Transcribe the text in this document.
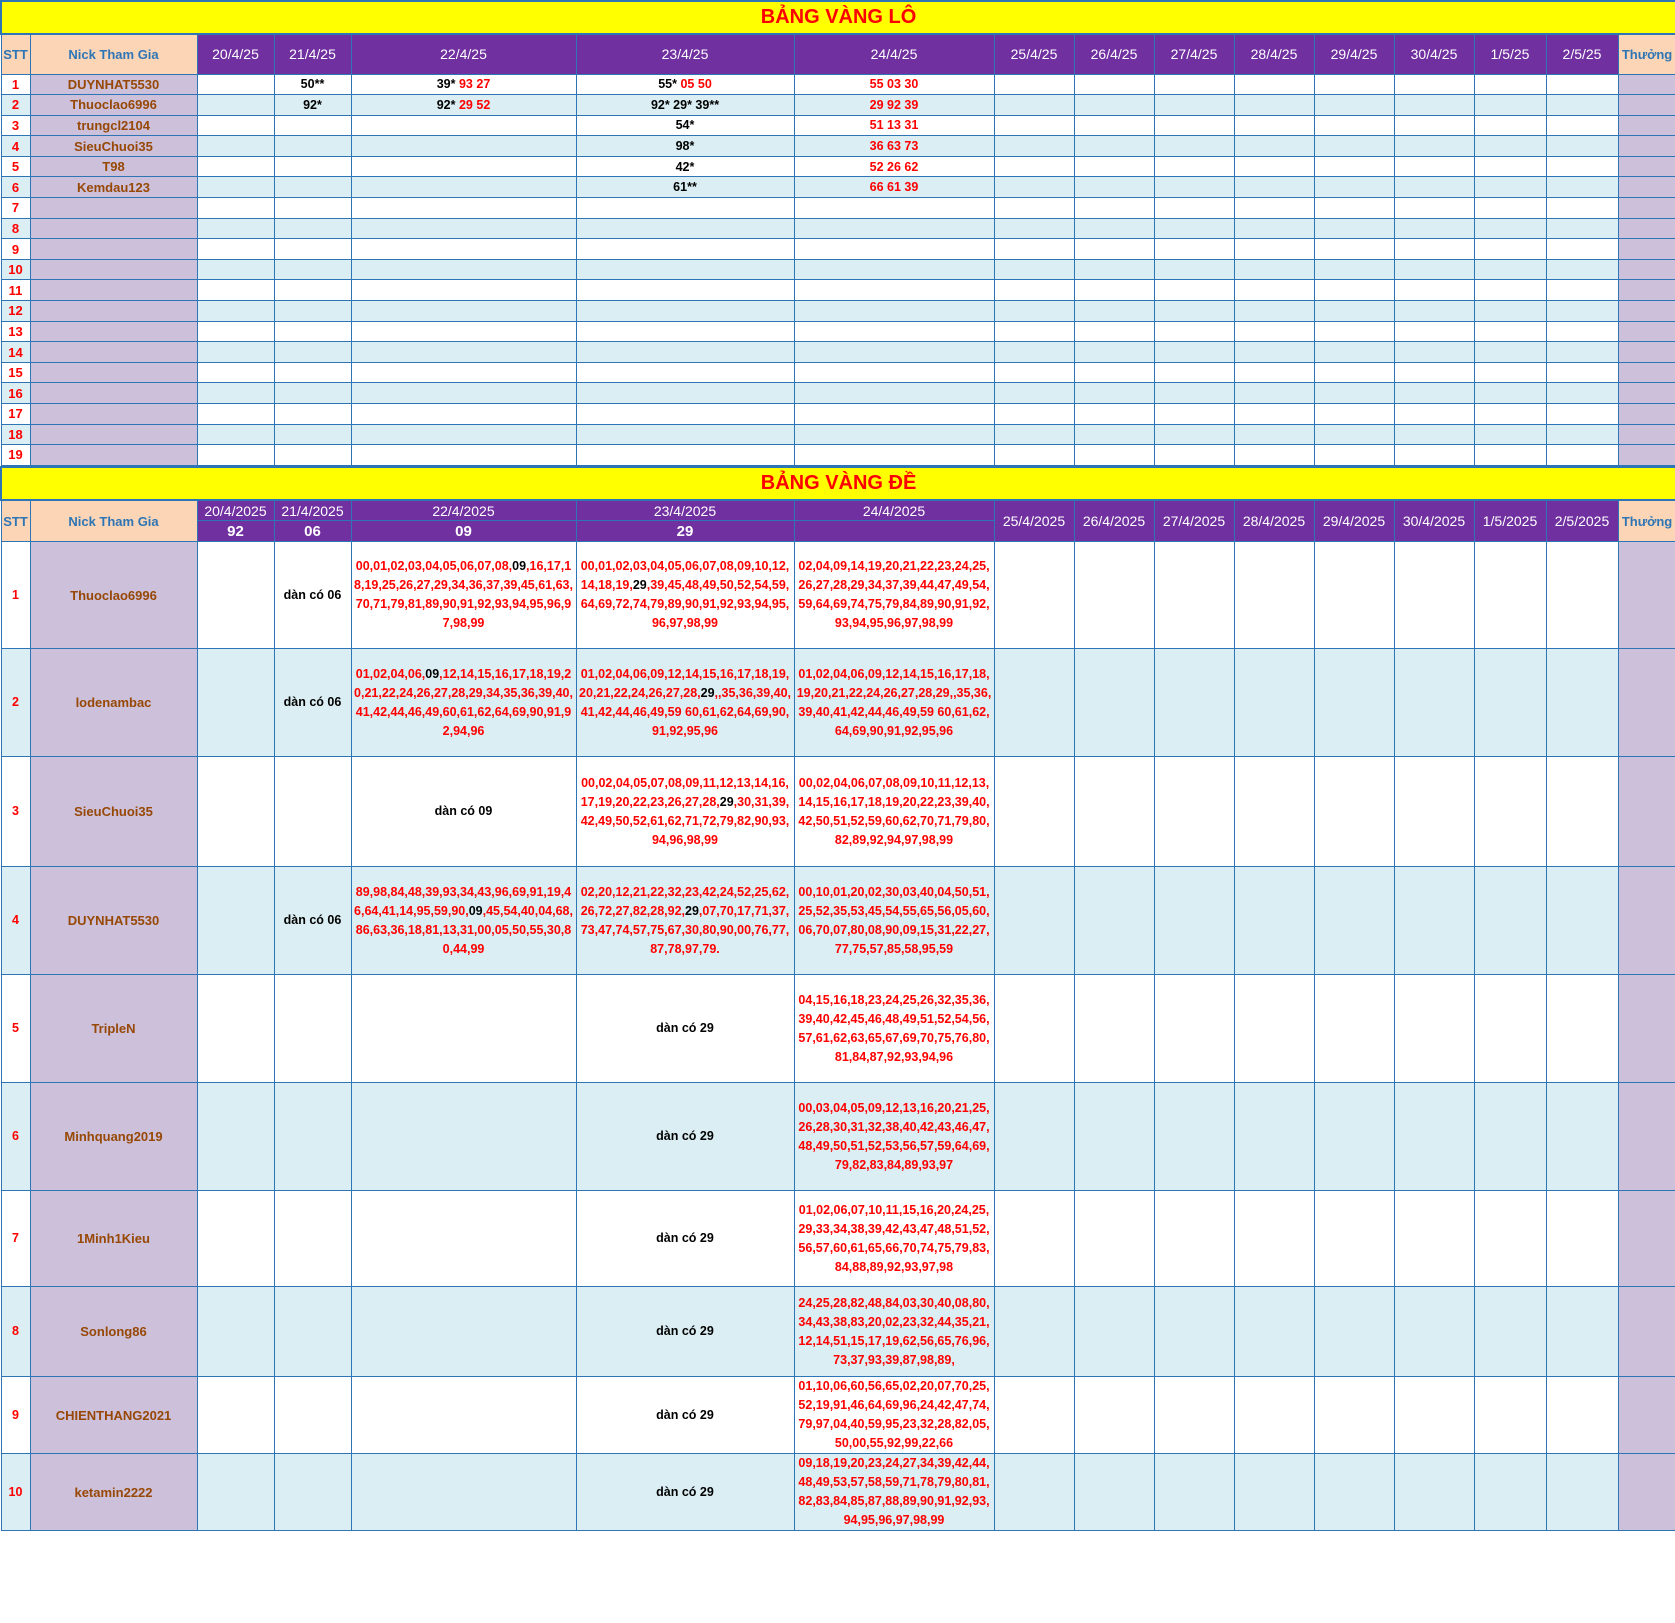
BẢNG VÀNG LÔ															
STT	Nick Tham Gia	20/4/25	21/4/25	22/4/25	23/4/25	24/4/25	25/4/25	26/4/25	27/4/25	28/4/25	29/4/25	30/4/25	1/5/25	2/5/25	Thưởng
1	DUYNHAT5530		50**	39* 93 27	55* 05 50	55 03 30									
2	Thuoclao6996		92*	92* 29 52	92* 29* 39**	29 92 39									
3	trungcl2104				54*	51 13 31									
4	SieuChuoi35				98*	36 63 73									
5	T98				42*	52 26 62									
6	Kemdau123				61**	66 61 39									
7															
8															
9															
10															
11															
12															
13															
14															
15															
16															
17															
18															
19															
BẢNG VÀNG ĐỀ															
STT	Nick Tham Gia	20/4/2025	21/4/2025	22/4/2025	23/4/2025	24/4/2025	25/4/2025	26/4/2025	27/4/2025	28/4/2025	29/4/2025	30/4/2025	1/5/2025	2/5/2025	Thưởng
		92	06	09	29										
1	Thuoclao6996		dàn có 06	00,01,02,03,04,05,06,07,08,09,16,17,18,19,25,26,27,29,34,36,37,39,45,61,63,70,71,79,81,89,90,91,92,93,94,95,96,97,98,99	00,01,02,03,04,05,06,07,08,09,10,12,14,18,19,29,39,45,48,49,50,52,54,59,64,69,72,74,79,89,90,91,92,93,94,95,96,97,98,99	02,04,09,14,19,20,21,22,23,24,25,26,27,28,29,34,37,39,44,47,49,54,59,64,69,74,75,79,84,89,90,91,92,93,94,95,96,97,98,99									
2	lodenambac		dàn có 06	01,02,04,06,09,12,14,15,16,17,18,19,20,21,22,24,26,27,28,29,34,35,36,39,40,41,42,44,46,49,60,61,62,64,69,90,91,92,94,96	01,02,04,06,09,12,14,15,16,17,18,19,20,21,22,24,26,27,28,29,,35,36,39,40,41,42,44,46,49,59 60,61,62,64,69,90,91,92,95,96	01,02,04,06,09,12,14,15,16,17,18,19,20,21,22,24,26,27,28,29,,35,36,39,40,41,42,44,46,49,59 60,61,62,64,69,90,91,92,95,96									
3	SieuChuoi35			dàn có 09	00,02,04,05,07,08,09,11,12,13,14,16,17,19,20,22,23,26,27,28,29,30,31,39,42,49,50,52,61,62,71,72,79,82,90,93,94,96,98,99	00,02,04,06,07,08,09,10,11,12,13,14,15,16,17,18,19,20,22,23,39,40,42,50,51,52,59,60,62,70,71,79,80,82,89,92,94,97,98,99									
4	DUYNHAT5530		dàn có 06	89,98,84,48,39,93,34,43,96,69,91,19,46,64,41,14,95,59,90,09,45,54,40,04,68,86,63,36,18,81,13,31,00,05,50,55,30,80,44,99	02,20,12,21,22,32,23,42,24,52,25,62,26,72,27,82,28,92,29,07,70,17,71,37,73,47,74,57,75,67,30,80,90,00,76,77,87,78,97,79.	00,10,01,20,02,30,03,40,04,50,51,25,52,35,53,45,54,55,65,56,05,60,06,70,07,80,08,90,09,15,31,22,27,77,75,57,85,58,95,59									
5	TripleN				dàn có 29	04,15,16,18,23,24,25,26,32,35,36,39,40,42,45,46,48,49,51,52,54,56,57,61,62,63,65,67,69,70,75,76,80,81,84,87,92,93,94,96									
6	Minhquang2019				dàn có 29	00,03,04,05,09,12,13,16,20,21,25,26,28,30,31,32,38,40,42,43,46,47,48,49,50,51,52,53,56,57,59,64,69,79,82,83,84,89,93,97									
7	1Minh1Kieu				dàn có 29	01,02,06,07,10,11,15,16,20,24,25,29,33,34,38,39,42,43,47,48,51,52,56,57,60,61,65,66,70,74,75,79,83,84,88,89,92,93,97,98									
8	Sonlong86				dàn có 29	24,25,28,82,48,84,03,30,40,08,80,34,43,38,83,20,02,23,32,44,35,21,12,14,51,15,17,19,62,56,65,76,96,73,37,93,39,87,98,89,									
9	CHIENTHANG2021				dàn có 29	01,10,06,60,56,65,02,20,07,70,25,52,19,91,46,64,69,96,24,42,47,74,79,97,04,40,59,95,23,32,28,82,05,50,00,55,92,99,22,66									
10	ketamin2222				dàn có 29	09,18,19,20,23,24,27,34,39,42,44,48,49,53,57,58,59,71,78,79,80,81,82,83,84,85,87,88,89,90,91,92,93,94,95,96,97,98,99									
